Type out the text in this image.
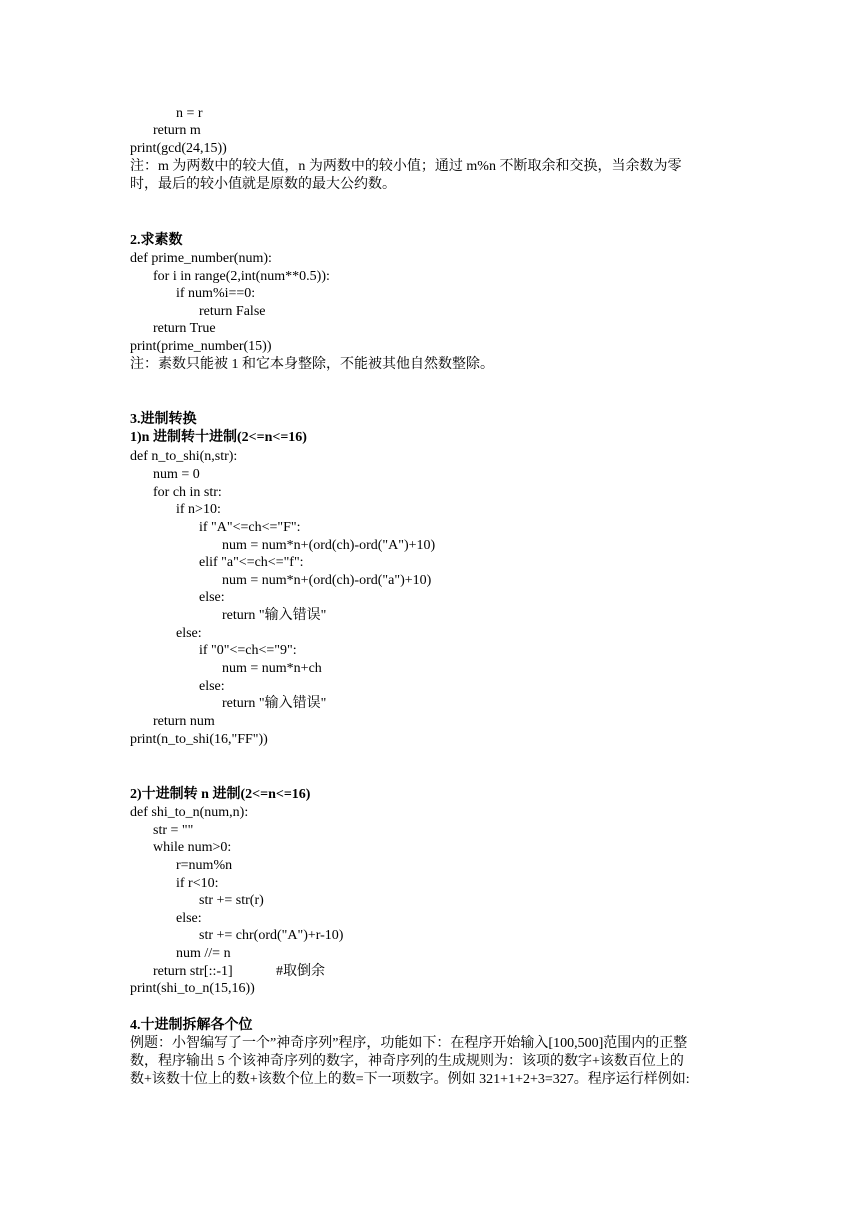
n = r
return m
print(gcd(24,15))
注：m 为两数中的较大值，n 为两数中的较小值；通过 m%n 不断取余和交换，当余数为零
时，最后的较小值就是原数的最大公约数。
2.求素数
def prime_number(num):
for i in range(2,int(num**0.5)):
if num%i==0:
return False
return True
print(prime_number(15))
注：素数只能被 1 和它本身整除，不能被其他自然数整除。
3.进制转换
1)n 进制转十进制(2<=n<=16)
def n_to_shi(n,str):
num = 0
for ch in str:
if n>10:
if "A"<=ch<="F":
num = num*n+(ord(ch)-ord("A")+10)
elif "a"<=ch<="f":
num = num*n+(ord(ch)-ord("a")+10)
else:
return "输入错误"
else:
if "0"<=ch<="9":
num = num*n+ch
else:
return "输入错误"
return num
print(n_to_shi(16,"FF"))
2)十进制转 n 进制(2<=n<=16)
def shi_to_n(num,n):
str = ""
while num>0:
r=num%n
if r<10:
str += str(r)
else:
str += chr(ord("A")+r-10)
num //= n
return str[::-1]	#取倒余
print(shi_to_n(15,16))
4.十进制拆解各个位
例题：小智编写了一个”神奇序列”程序，功能如下：在程序开始输入[100,500]范围内的正整
数，程序输出 5 个该神奇序列的数字，神奇序列的生成规则为：该项的数字+该数百位上的
数+该数十位上的数+该数个位上的数=下一项数字。例如 321+1+2+3=327。程序运行样例如:
